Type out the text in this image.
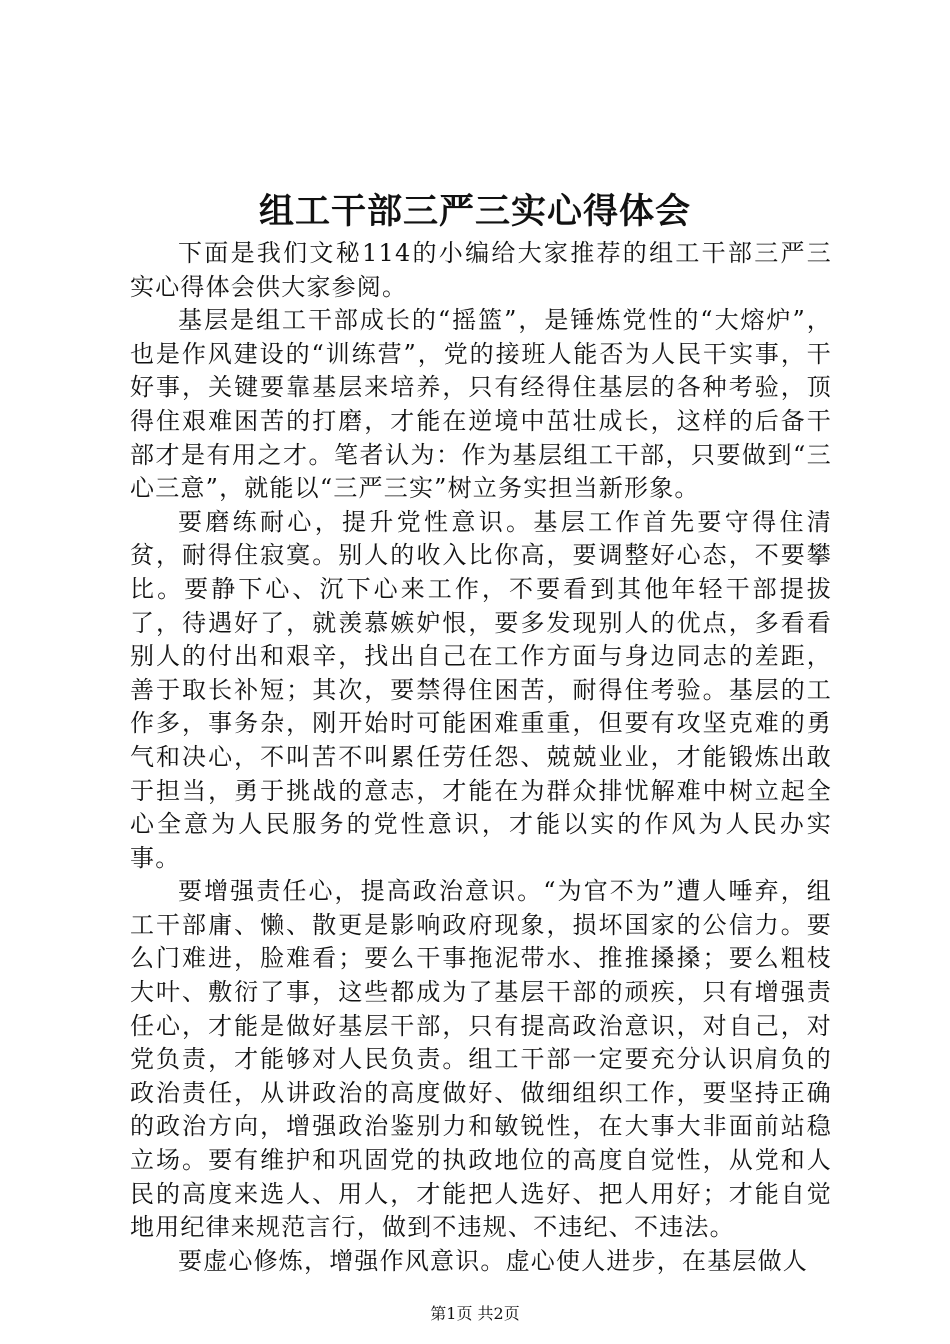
组工干部三严三实心得体会

下面是我们文秘114的小编给大家推荐的组工干部三严三实心得体会供大家参阅。

基层是组工干部成长的“摇篮”，是锤炼党性的“大熔炉”，也是作风建设的“训练营”，党的接班人能否为人民干实事，干好事，关键要靠基层来培养，只有经得住基层的各种考验，顶得住艰难困苦的打磨，才能在逆境中茁壮成长，这样的后备干部才是有用之才。笔者认为：作为基层组工干部，只要做到“三心三意”，就能以“三严三实”树立务实担当新形象。

要磨练耐心，提升党性意识。基层工作首先要守得住清贫，耐得住寂寞。别人的收入比你高，要调整好心态，不要攀比。要静下心、沉下心来工作，不要看到其他年轻干部提拔了，待遇好了，就羡慕嫉妒恨，要多发现别人的优点，多看看别人的付出和艰辛，找出自己在工作方面与身边同志的差距，善于取长补短；其次，要禁得住困苦，耐得住考验。基层的工作多，事务杂，刚开始时可能困难重重，但要有攻坚克难的勇气和决心，不叫苦不叫累任劳任怨、兢兢业业，才能锻炼出敢于担当，勇于挑战的意志，才能在为群众排忧解难中树立起全心全意为人民服务的党性意识，才能以实的作风为人民办实事。

要增强责任心，提高政治意识。“为官不为”遭人唾弃，组工干部庸、懒、散更是影响政府现象，损坏国家的公信力。要么门难进，脸难看；要么干事拖泥带水、推推搡搡；要么粗枝大叶、敷衍了事，这些都成为了基层干部的顽疾，只有增强责任心，才能是做好基层干部，只有提高政治意识，对自己，对党负责，才能够对人民负责。组工干部一定要充分认识肩负的政治责任，从讲政治的高度做好、做细组织工作，要坚持正确的政治方向，增强政治鉴别力和敏锐性，在大事大非面前站稳立场。要有维护和巩固党的执政地位的高度自觉性，从党和人民的高度来选人、用人，才能把人选好、把人用好；才能自觉地用纪律来规范言行，做到不违规、不违纪、不违法。

要虚心修炼，增强作风意识。虚心使人进步，在基层做人

第1页 共2页
